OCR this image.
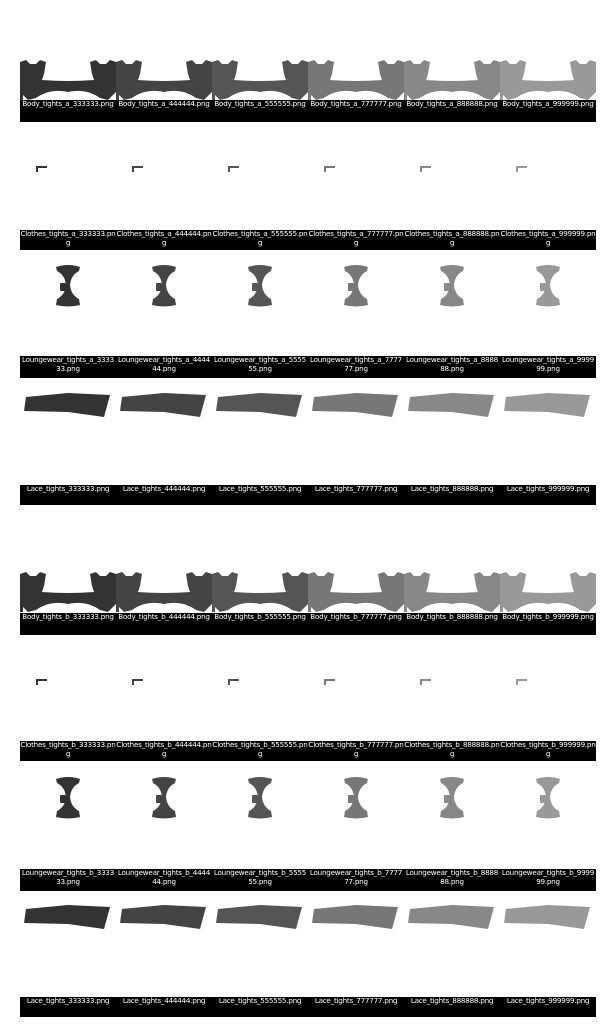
Body_tights_a_333333.png Body_tights_a_444444.png Body_tights_a_555555.png Body_tights_a_777777.png Body_tights_a_888888.png Body_tights_a_999999.png
Clothes_tights_a_333333.png
Clothes_tights_a_444444.png
Clothes_tights_a_555555.png
Clothes_tights_a_777777.png
Clothes_tights_a_888888.png
Clothes_tights_a_999999.png
Loungewear_tights_a_333333.png
Loungewear_tights_a_444444.png
Loungewear_tights_a_555555.png
Loungewear_tights_a_777777.png
Loungewear_tights_a_888888.png
Loungewear_tights_a_999999.png
Lace_tights_333333.png	Lace_tights_444444.png	Lace_tights_555555.png	Lace_tights_777777.png	Lace_tights_888888.png	Lace_tights_999999.png
Body_tights_b_333333.png Body_tights_b_444444.png Body_tights_b_555555.png Body_tights_b_777777.png Body_tights_b_888888.png Body_tights_b_999999.png
Clothes_tights_b_333333.png
Clothes_tights_b_444444.png
Clothes_tights_b_555555.png
Clothes_tights_b_777777.png
Clothes_tights_b_888888.png
Clothes_tights_b_999999.png
Loungewear_tights_b_333333.png
Loungewear_tights_b_444444.png
Loungewear_tights_b_555555.png
Loungewear_tights_b_777777.png
Loungewear_tights_b_888888.png
Loungewear_tights_b_999999.png
Lace_tights_333333.png	Lace_tights_444444.png	Lace_tights_555555.png	Lace_tights_777777.png	Lace_tights_888888.png	Lace_tights_999999.png
